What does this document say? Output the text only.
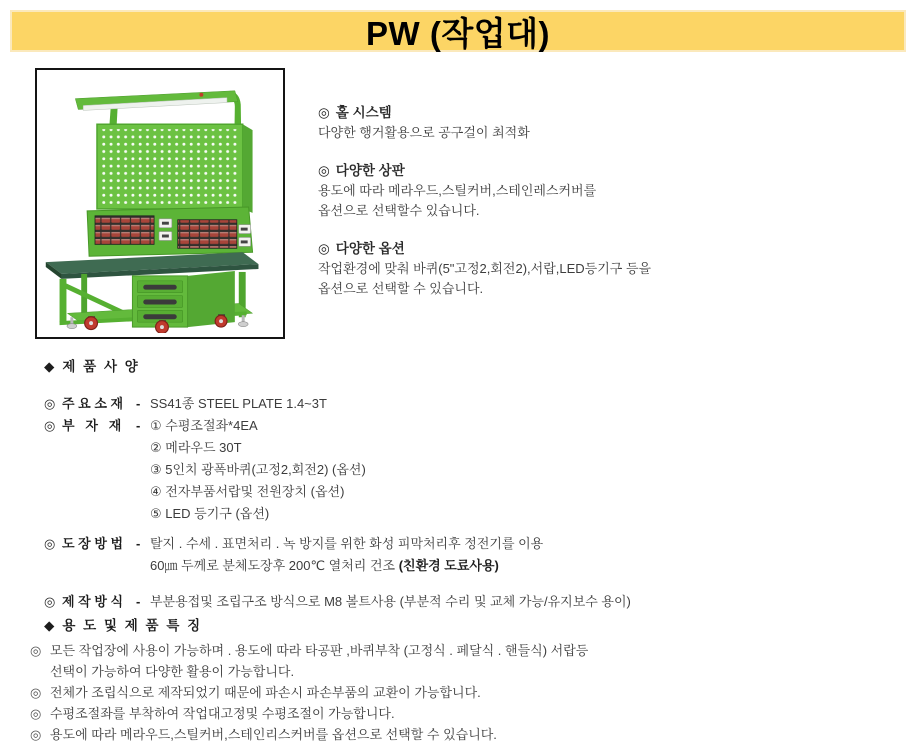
PW (작업대)
◎ 홀 시스템
다양한 행거활용으로 공구걸이 최적화
◎ 다양한 상판
용도에 따라 메라우드,스틸커버,스테인레스커버를
옵션으로 선택할수 있습니다.
◎ 다양한 옵션
작업환경에 맞춰 바퀴(5"고정2,회전2),서랍,LED등기구 등을
옵션으로 선택할 수 있습니다.
◆ 제 품 사 양
◎ 주 요 소 재 - SS41종 STEEL PLATE 1.4~3T
◎ 부   자   재	- ① 수평조절좌*4EA
② 메라우드 30T
③ 5인치 광폭바퀴(고정2,회전2) (옵션)
④ 전자부품서랍및 전원장치 (옵션)
⑤ LED 등기구 (옵션)
◎ 도 장 방 법 - 탈지 . 수세 . 표면처리 . 녹 방지를 위한 화성 피막처리후 정전기를 이용
60㎛ 두께로 분체도장후 200℃ 열처리 건조 (친환경 도료사용)
◎ 제 작 방 식 - 부분용접및 조립구조 방식으로 M8 볼트사용 (부분적 수리 및 교체 가능/유지보수 용이)
◆ 용 도 및 제 품 특 징
◎ 모든 작업장에 사용이 가능하며 . 용도에 따라 타공판 ,바퀴부착 (고정식 . 페달식 . 핸들식) 서랍등
선택이 가능하여 다양한 활용이 가능합니다.
◎ 전체가 조립식으로 제작되었기 때문에 파손시 파손부품의 교환이 가능합니다.
◎ 수평조절좌를 부착하여 작업대고정및 수평조절이 가능합니다.
◎ 용도에 따라 메라우드,스틸커버,스테인리스커버를 옵션으로 선택할 수 있습니다.
